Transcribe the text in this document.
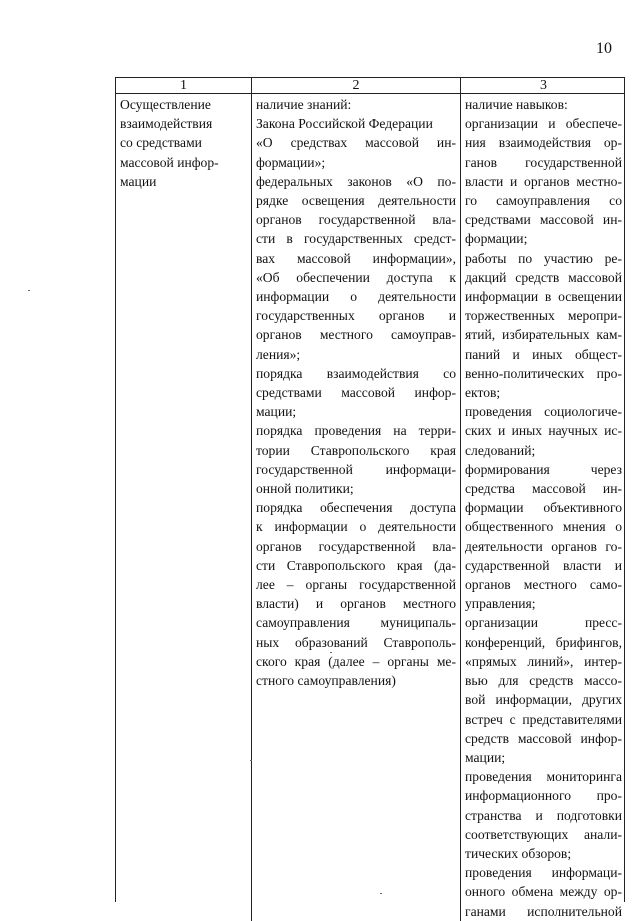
10
1	2	3
Осуществление
взаимодействия
со средствами
массовой инфор-
мации
наличие знаний:
Закона Российской Федерации
«О средствах массовой ин-
формации»;
федеральных законов «О по-
рядке освещения деятельности
органов государственной вла-
сти в государственных средст-
вах массовой информации»,
«Об обеспечении доступа к
информации о деятельности
государственных органов и
органов местного самоуправ-
ления»;
порядка взаимодействия со
средствами массовой инфор-
мации;
порядка проведения на терри-
тории Ставропольского края
государственной информаци-
онной политики;
порядка обеспечения доступа
к информации о деятельности
органов государственной вла-
сти Ставропольского края (да-
лее – органы государственной
власти) и органов местного
самоуправления муниципаль-
ных образований Ставрополь-
ского края (далее – органы ме-
стного самоуправления)
наличие навыков:
организации и обеспече-
ния взаимодействия ор-
ганов государственной
власти и органов местно-
го самоуправления со
средствами массовой ин-
формации;
работы по участию ре-
дакций средств массовой
информации в освещении
торжественных меропри-
ятий, избирательных кам-
паний и иных общест-
венно-политических про-
ектов;
проведения социологиче-
ских и иных научных ис-
следований;
формирования через
средства массовой ин-
формации объективного
общественного мнения о
деятельности органов го-
сударственной власти и
органов местного само-
управления;
организации пресс-
конференций, брифингов,
«прямых линий», интер-
вью для средств массо-
вой информации, других
встреч с представителями
средств массовой инфор-
мации;
проведения мониторинга
информационного про-
странства и подготовки
соответствующих анали-
тических обзоров;
проведения информаци-
онного обмена между ор-
ганами исполнительной
